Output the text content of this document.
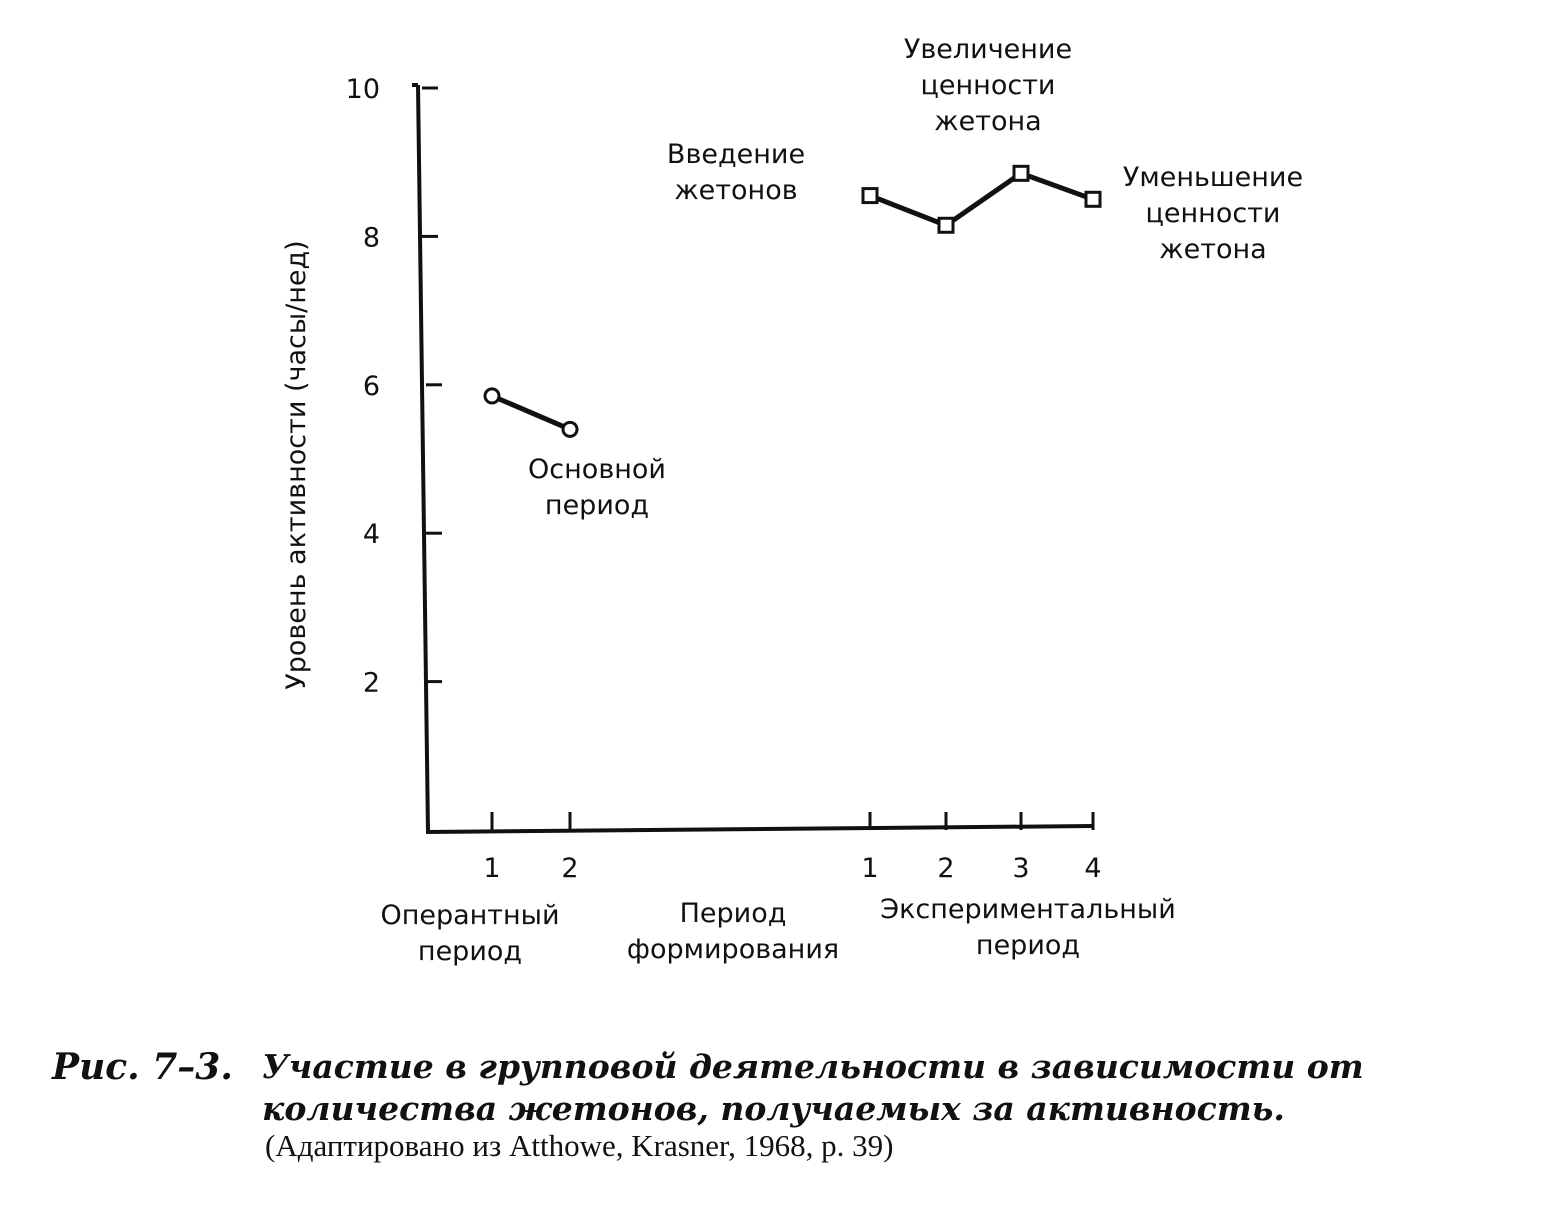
2
4
6
8
10
1 2
Оперантный период
Период формирования
1 2 3 4
Экспериментальный период
Основной период
Введение жетонов
Увеличение ценности жетона
Уменьшение ценности жетона
Уровень активности (часы/нед)
Рис. 7–3. Участие в групповой деятельности в зависимости от количества жетонов, получаемых за активность.
(Адаптировано из Atthowe, Krasner, 1968, p. 39)
